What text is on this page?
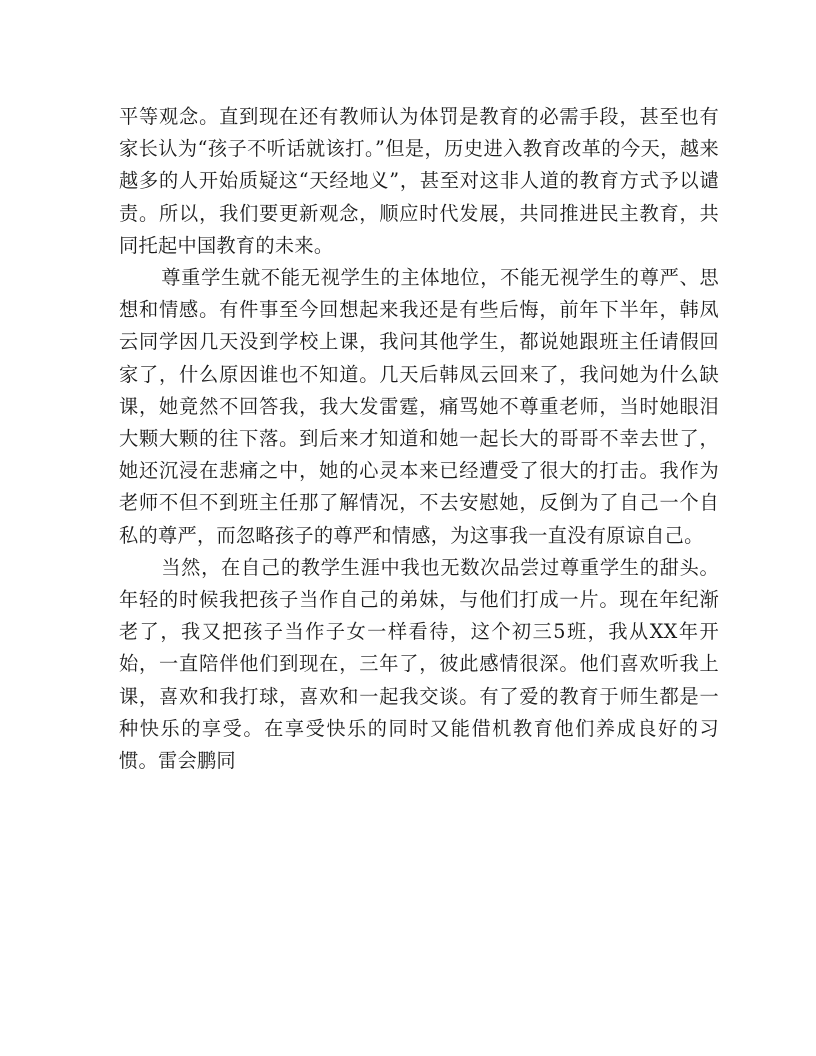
平等观念。直到现在还有教师认为体罚是教育的必需手段，甚至也有家长认为“孩子不听话就该打。”但是，历史进入教育改革的今天，越来越多的人开始质疑这“天经地义”，甚至对这非人道的教育方式予以谴责。所以，我们要更新观念，顺应时代发展，共同推进民主教育，共同托起中国教育的未来。

尊重学生就不能无视学生的主体地位，不能无视学生的尊严、思想和情感。有件事至今回想起来我还是有些后悔，前年下半年，韩凤云同学因几天没到学校上课，我问其他学生，都说她跟班主任请假回家了，什么原因谁也不知道。几天后韩凤云回来了，我问她为什么缺课，她竟然不回答我，我大发雷霆，痛骂她不尊重老师，当时她眼泪大颗大颗的往下落。到后来才知道和她一起长大的哥哥不幸去世了，她还沉浸在悲痛之中，她的心灵本来已经遭受了很大的打击。我作为老师不但不到班主任那了解情况，不去安慰她，反倒为了自己一个自私的尊严，而忽略孩子的尊严和情感，为这事我一直没有原谅自己。

当然，在自己的教学生涯中我也无数次品尝过尊重学生的甜头。年轻的时候我把孩子当作自己的弟妹，与他们打成一片。现在年纪渐老了，我又把孩子当作子女一样看待，这个初三5班，我从XX年开始，一直陪伴他们到现在，三年了，彼此感情很深。他们喜欢听我上课，喜欢和我打球，喜欢和一起我交谈。有了爱的教育于师生都是一种快乐的享受。在享受快乐的同时又能借机教育他们养成良好的习惯。雷会鹏同
